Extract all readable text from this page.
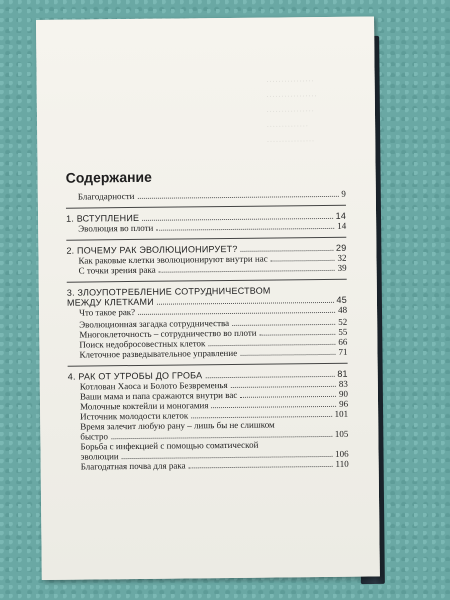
. . . . . . . . . . . . . . . .
. . . . . . . . . . . . . . . . .
. . . . . . . . . . . . . . . .
. . . . . . . . . . . . . .
. . . . . . . . . . . . . . . .
Содержание
Благодарности	9
1. ВСТУПЛЕНИЕ	14
Эволюция во плоти	14
2. ПОЧЕМУ РАК ЭВОЛЮЦИОНИРУЕТ?	29
Как раковые клетки эволюционируют внутри нас	32
С точки зрения рака	39
3. ЗЛОУПОТРЕБЛЕНИЕ СОТРУДНИЧЕСТВОМ
МЕЖДУ КЛЕТКАМИ	45
Что такое рак?	48
Эволюционная загадка сотрудничества	52
Многоклеточность – сотрудничество во плоти	55
Поиск недобросовестных клеток	66
Клеточное разведывательное управление	71
4. РАК ОТ УТРОБЫ ДО ГРОБА	81
Котлован Хаоса и Болото Безвременья	83
Ваши мама и папа сражаются внутри вас	90
Молочные коктейли и моногамия	96
Источник молодости клеток	101
Время залечит любую рану – лишь бы не слишком
быстро	105
Борьба с инфекцией с помощью соматической
эволюции	106
Благодатная почва для рака	110
